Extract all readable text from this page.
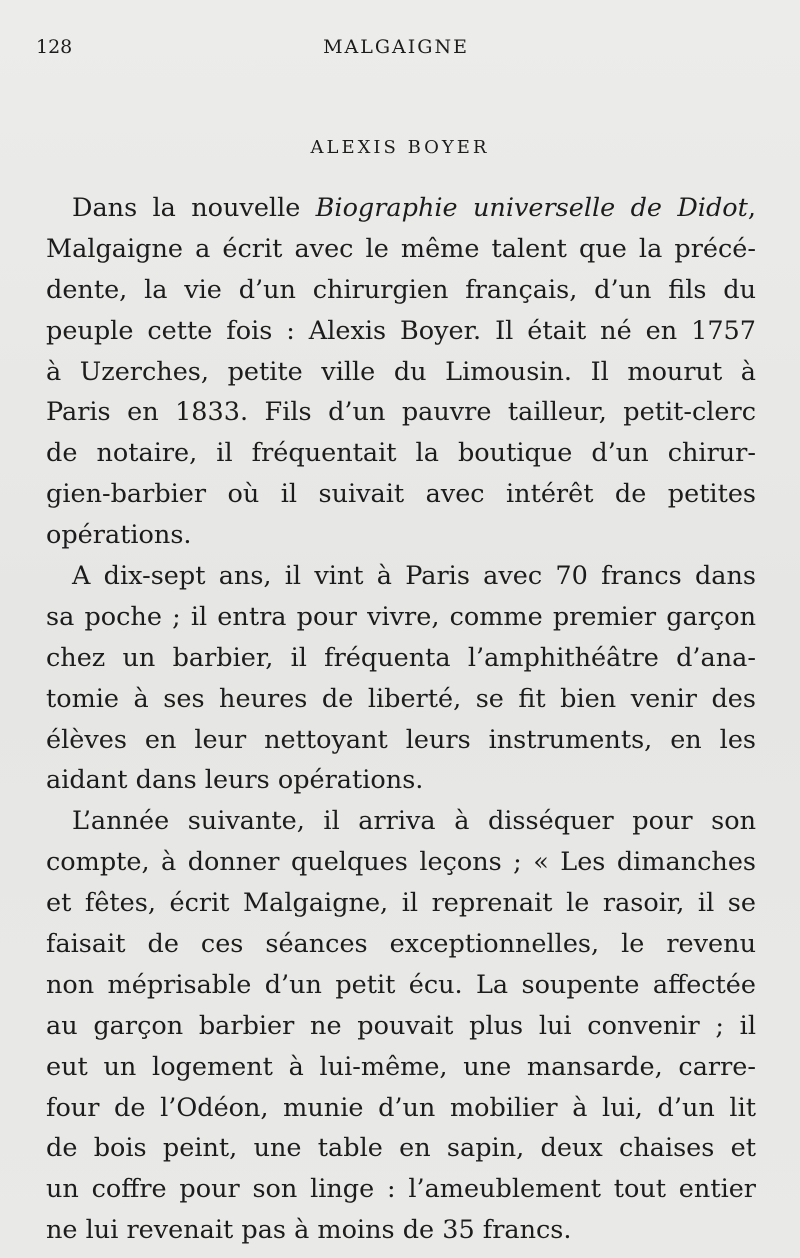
128	MALGAIGNE
ALEXIS BOYER
Dans la nouvelle Biographie universelle de Didot,
Malgaigne a écrit avec le même talent que la précé-
dente, la vie d’un chirurgien français, d’un fils du
peuple cette fois : Alexis Boyer. Il était né en 1757
à Uzerches, petite ville du Limousin. Il mourut à
Paris en 1833. Fils d’un pauvre tailleur, petit-clerc
de notaire, il fréquentait la boutique d’un chirur-
gien-barbier où il suivait avec intérêt de petites
opérations.
A dix-sept ans, il vint à Paris avec 70 francs dans
sa poche ; il entra pour vivre, comme premier garçon
chez un barbier, il fréquenta l’amphithéâtre d’ana-
tomie à ses heures de liberté, se fit bien venir des
élèves en leur nettoyant leurs instruments, en les
aidant dans leurs opérations.
L’année suivante, il arriva à disséquer pour son
compte, à donner quelques leçons ; « Les dimanches
et fêtes, écrit Malgaigne, il reprenait le rasoir, il se
faisait de ces séances exceptionnelles, le revenu
non méprisable d’un petit écu. La soupente affectée
au garçon barbier ne pouvait plus lui convenir ; il
eut un logement à lui-même, une mansarde, carre-
four de l’Odéon, munie d’un mobilier à lui, d’un lit
de bois peint, une table en sapin, deux chaises et
un coffre pour son linge : l’ameublement tout entier
ne lui revenait pas à moins de 35 francs.
